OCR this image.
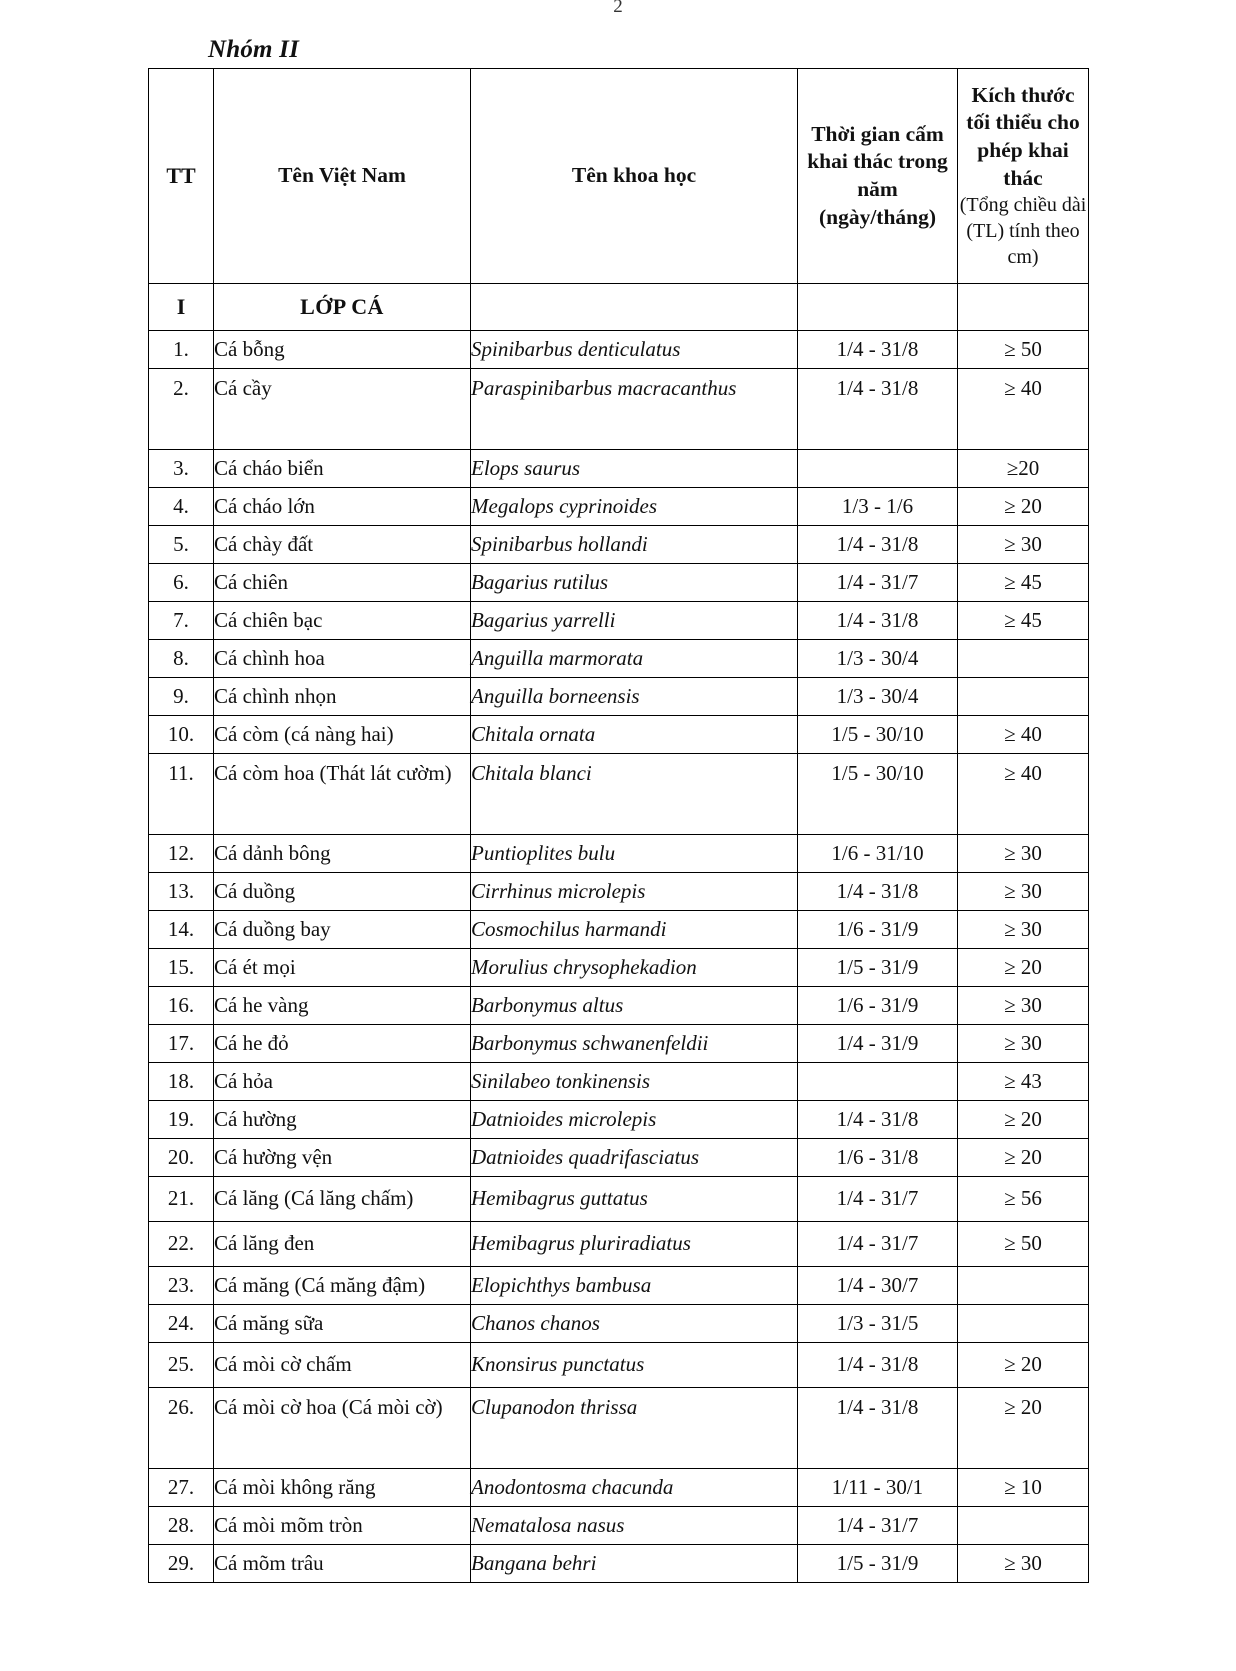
2
Nhóm II
TT	Tên Việt Nam	Tên khoa học	Thời gian cấm khai thác trong năm (ngày/tháng)	Kích thước tối thiểu cho phép khai thác
(Tổng chiều dài (TL) tính theo cm)

I	LỚP CÁ			
1.	Cá bỗng	Spinibarbus denticulatus	1/4 - 31/8	≥ 50
2.	Cá cầy	Paraspinibarbus macracanthus	1/4 - 31/8	≥ 40
3.	Cá cháo biển	Elops saurus		≥20
4.	Cá cháo lớn	Megalops cyprinoides	1/3 - 1/6	≥ 20
5.	Cá chày đất	Spinibarbus hollandi	1/4 - 31/8	≥ 30
6.	Cá chiên	Bagarius rutilus	1/4 - 31/7	≥ 45
7.	Cá chiên bạc	Bagarius yarrelli	1/4 - 31/8	≥ 45
8.	Cá chình hoa	Anguilla marmorata	1/3 - 30/4	
9.	Cá chình nhọn	Anguilla borneensis	1/3 - 30/4	
10.	Cá còm (cá nàng hai)	Chitala ornata	1/5 - 30/10	≥ 40
11.	Cá còm hoa (Thát lát cườm)	Chitala blanci	1/5 - 30/10	≥ 40
12.	Cá dảnh bông	Puntioplites bulu	1/6 - 31/10	≥ 30
13.	Cá duồng	Cirrhinus microlepis	1/4 - 31/8	≥ 30
14.	Cá duồng bay	Cosmochilus harmandi	1/6 - 31/9	≥ 30
15.	Cá ét mọi	Morulius chrysophekadion	1/5 - 31/9	≥ 20
16.	Cá he vàng	Barbonymus altus	1/6 - 31/9	≥ 30
17.	Cá he đỏ	Barbonymus schwanenfeldii	1/4 - 31/9	≥ 30
18.	Cá hỏa	Sinilabeo tonkinensis		≥ 43
19.	Cá hường	Datnioides microlepis	1/4 - 31/8	≥ 20
20.	Cá hường vện	Datnioides quadrifasciatus	1/6 - 31/8	≥ 20
21.	Cá lăng (Cá lăng chấm)	Hemibagrus guttatus	1/4 - 31/7	≥ 56
22.	Cá lăng đen	Hemibagrus pluriradiatus	1/4 - 31/7	≥ 50
23.	Cá măng (Cá măng đậm)	Elopichthys bambusa	1/4 - 30/7	
24.	Cá măng sữa	Chanos chanos	1/3 - 31/5	
25.	Cá mòi cờ chấm	Knonsirus punctatus	1/4 - 31/8	≥ 20
26.	Cá mòi cờ hoa (Cá mòi cờ)	Clupanodon thrissa	1/4 - 31/8	≥ 20
27.	Cá mòi không răng	Anodontosma chacunda	1/11 - 30/1	≥ 10
28.	Cá mòi mõm tròn	Nematalosa nasus	1/4 - 31/7	
29.	Cá mõm trâu	Bangana behri	1/5 - 31/9	≥ 30
